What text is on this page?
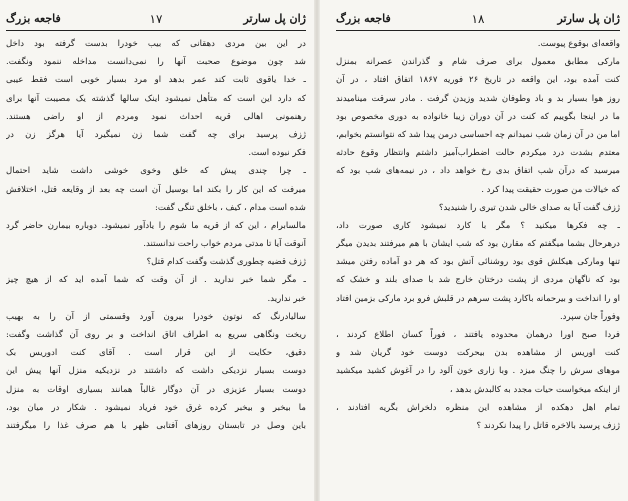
ژان پل سارتر
۱۷
فاجعه بزرگ
در این بین مردی دهقانی که بیب خودرا بدست گرفته بود داخل
شد چون موضوع صحبت آنها را نمی‌دانست مداخله ننمود ونگفت.
ـ خدا یاقوی ثابت کند عمر بدهد او مرد بسیار خوبی است فقط عیبی
که دارد این است که متأهل نمیشود اینک سالها گذشته یک مصیبت آنها برای
رهنمونی اهالی قریه احداث نمود ومردم از او راضی هستند.
ژزف پرسید برای چه گفت شما زن نمیگیرد آیا هرگز زن در
فکر نبوده است.
ـ چرا چندی پیش که خلق وخوی خوشی داشت شاید احتمال
میرفت که این کار را بکند اما بوسیل آن است چه بعد از وقایعه قتل، اختلافش
شده است مدام ، کیف ، باخلق تنگی گفت:
مالسابرام ، این که از قریه ما شوم را یادآور نمیشود. دوباره بیمارن حاضر گرد
آنوقت آیا تا مدتی مردم خواب راحت ندانستند.
ژزف قضیه چطوری گذشت وگفت کدام قتل؟
ـ مگر شما خبر ندارید . از آن وقت که شما آمده اید که از هیچ چیز
خبر ندارید.
سالیادرنگ که نوتون خودرا بیرون آورد وقسمتی از آن را به بهیب
ریخت ونگاهی سریع به اطراف اتاق انداخت و بر روی آن گذاشت وگفت:
دقیق، حکایت از این قرار است . آقای کنت ادوریس بک
دوست بسیار نزدیکی داشت که داشتند در نزدیکیه منزل آنها پیش این
دوست بسیار عزیزی در آن دوگار غالباً همانند بسیاری اوقات به منزل
ما بیخبر و بیخبر کرده غرق خود فریاد نمیشود . شکار در میان بود،
باین وصل در تابستان روزهای آفتابی ظهر با هم صرف غذا را میگرفتند
ژان پل سارتر
۱۸
فاجعه بزرگ
واقعه‌ای بوقوع پیوست.
مارکی مطابق معمول برای صرف شام و گذراندن عصرانه بمنزل
کنت آمده بود، این واقعه در تاریخ ۲۶ فوریه ۱۸۶۷ اتفاق افتاد ، در آن
روز هوا بسیار بد و باد وطوفان شدید وزیدن گرفت . مادر سرقت مینامیدند
ما در اینجا بگوییم که کنت در آن دوران زیبا خانواده به دوری مخصوص بود
اما من در آن زمان شب نمیدانم چه احساسی درمن پیدا شد که نتوانستم بخوابم،
معتدم بشدت درد میکردم حالت اضطراب‌آمیز داشتم وانتظار وقوع حادثه
میرسید که درآن شب اتفاق بدی رخ خواهد داد ، در نیمه‌های شب بود که
که خیالات من صورت حقیقت پیدا کرد .
ژزف گفت آیا به صدای خالی شدن تیری را شنیدید؟
ـ چه فکرها میکنید ؟ مگر با کارد نمیشود کاری صورت داد،
درهرحال بشما میگفتم که مقارن بود که شب ایشان با هم میرفتند بدیدن میگر
تنها ومارکی هیکلش قوی بود روشنائی آتش بود که هر دو آماده رفتن میشد
بود که ناگهان مردی از پشت درختان خارج شد با صدای بلند و خشک که
او را انداخت و بیرحمانه باکارد پشت سرهم در قلبش فرو برد مارکی بزمین افتاد
وفوراً جان سپرد.
فردا صبح اورا درهمان محدوده یافتند ، فوراً کسان اطلاع کردند ،
کنت اوریس از مشاهده بدن بیحرکت دوست خود گریان شد و
موهای سرش را چنگ میزد . وبا زاری خون آلود را در آغوش کشید میکشید
از اینکه میخواست حیات مجدد به کالبدش بدهد ،
تمام اهل دهکده از مشاهده این منظره دلخراش بگریه افتادند ،
ژزف پرسید بالاخره قاتل را پیدا نکردند ؟
